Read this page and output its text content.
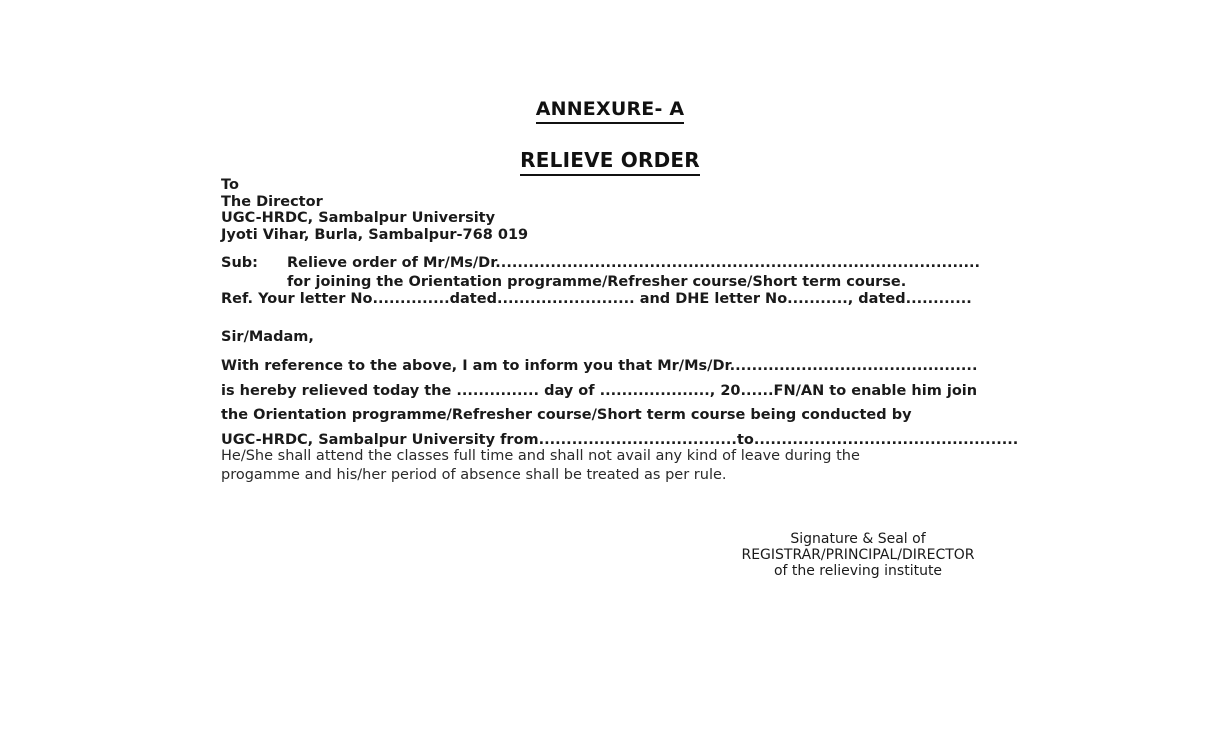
ANNEXURE- A
RELIEVE ORDER
To
The Director
UGC-HRDC, Sambalpur University
Jyoti Vihar, Burla, Sambalpur-768 019
Sub:	Relieve order of Mr/Ms/Dr........................................................................................
for joining the Orientation programme/Refresher course/Short term course.
Ref. Your letter No..............dated......................... and DHE letter No..........., dated............
Sir/Madam,
With reference to the above, I am to inform you that Mr/Ms/Dr.............................................
is hereby relieved today the ............... day of ...................., 20......FN/AN to enable him join
the Orientation programme/Refresher course/Short term course being conducted by
UGC-HRDC, Sambalpur University from....................................to................................................
He/She shall attend the classes full time and shall not avail any kind of leave during the
progamme and his/her period of absence shall be treated as per rule.
Signature & Seal of
REGISTRAR/PRINCIPAL/DIRECTOR
of the relieving institute
